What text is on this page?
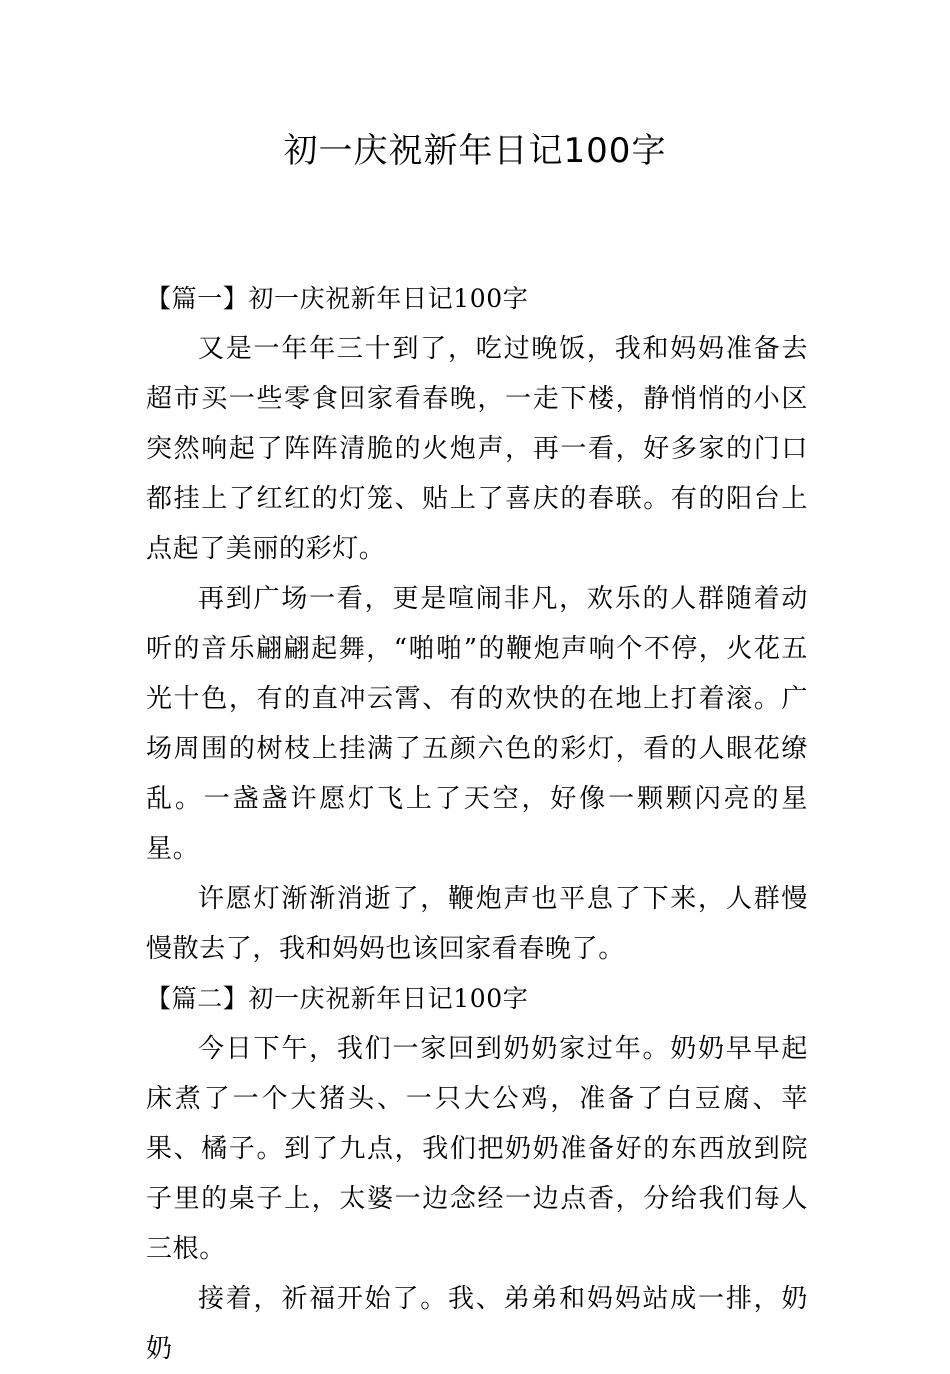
初一庆祝新年日记100字
【篇一】初一庆祝新年日记100字

又是一年年三十到了，吃过晚饭，我和妈妈准备去超市买一些零食回家看春晚，一走下楼，静悄悄的小区突然响起了阵阵清脆的火炮声，再一看，好多家的门口都挂上了红红的灯笼、贴上了喜庆的春联。有的阳台上点起了美丽的彩灯。

再到广场一看，更是喧闹非凡，欢乐的人群随着动听的音乐翩翩起舞，“啪啪”的鞭炮声响个不停，火花五光十色，有的直冲云霄、有的欢快的在地上打着滚。广场周围的树枝上挂满了五颜六色的彩灯，看的人眼花缭乱。一盏盏许愿灯飞上了天空，好像一颗颗闪亮的星星。

许愿灯渐渐消逝了，鞭炮声也平息了下来，人群慢慢散去了，我和妈妈也该回家看春晚了。

【篇二】初一庆祝新年日记100字

今日下午，我们一家回到奶奶家过年。奶奶早早起床煮了一个大猪头、一只大公鸡，准备了白豆腐、苹果、橘子。到了九点，我们把奶奶准备好的东西放到院子里的桌子上，太婆一边念经一边点香，分给我们每人三根。

接着，祈福开始了。我、弟弟和妈妈站成一排，奶奶
